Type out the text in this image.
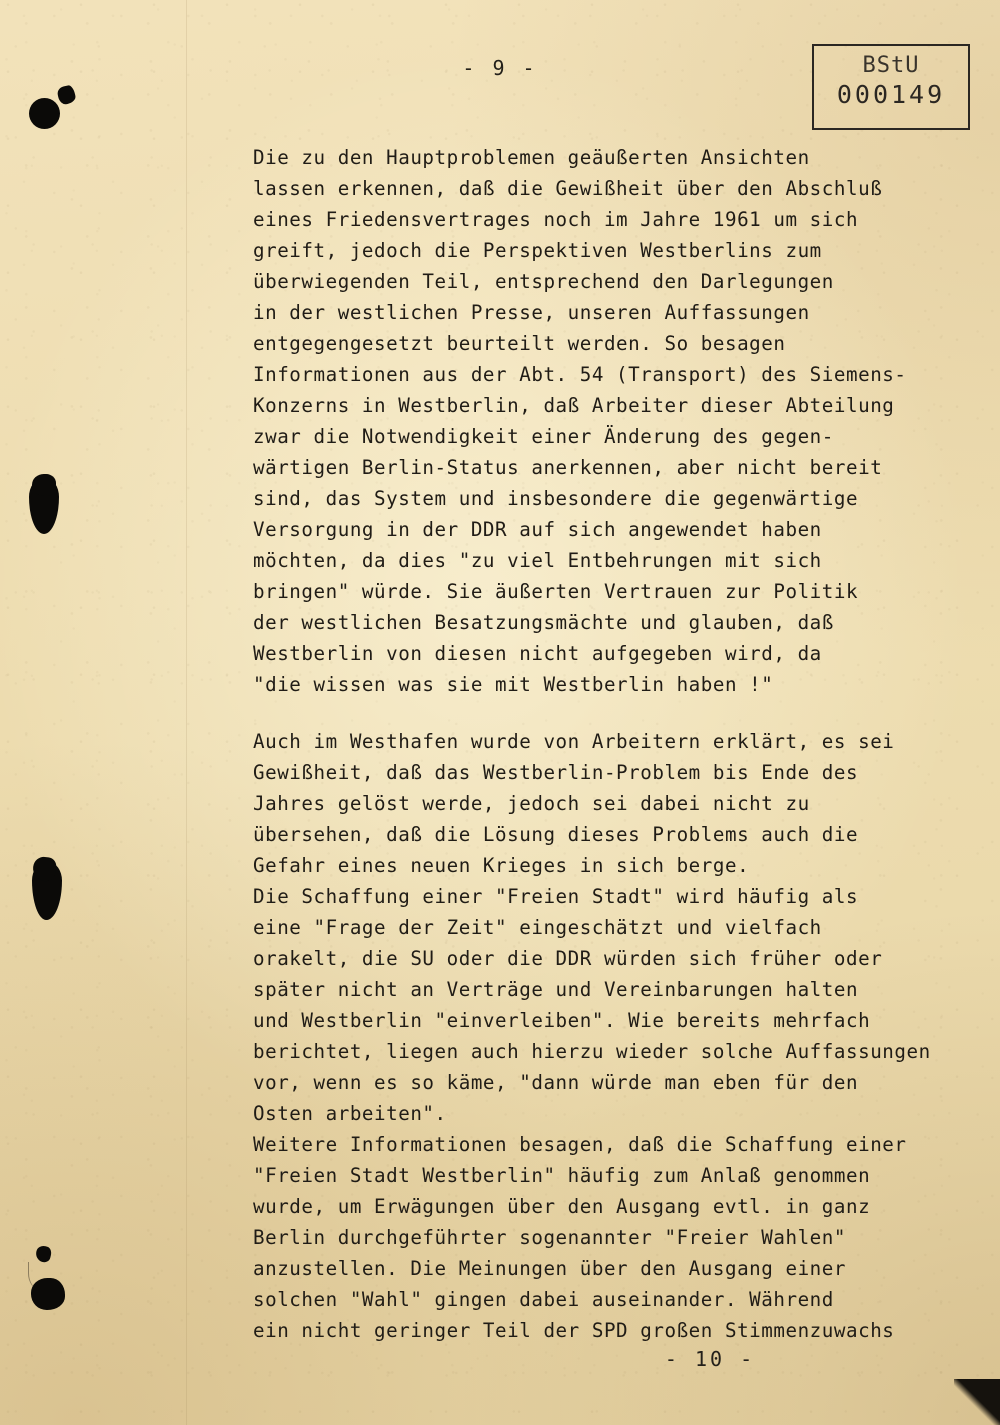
- 9 -	BStU
000149
Die zu den Hauptproblemen geäußerten Ansichten
lassen erkennen, daß die Gewißheit über den Abschluß
eines Friedensvertrages noch im Jahre 1961 um sich
greift, jedoch die Perspektiven Westberlins zum
überwiegenden Teil, entsprechend den Darlegungen
in der westlichen Presse, unseren Auffassungen
entgegengesetzt beurteilt werden. So besagen
Informationen aus der Abt. 54 (Transport) des Siemens-
Konzerns in Westberlin, daß Arbeiter dieser Abteilung
zwar die Notwendigkeit einer Änderung des gegen-
wärtigen Berlin-Status anerkennen, aber nicht bereit
sind, das System und insbesondere die gegenwärtige
Versorgung in der DDR auf sich angewendet haben
möchten, da dies "zu viel Entbehrungen mit sich
bringen" würde. Sie äußerten Vertrauen zur Politik
der westlichen Besatzungsmächte und glauben, daß
Westberlin von diesen nicht aufgegeben wird, da
"die wissen was sie mit Westberlin haben !"
Auch im Westhafen wurde von Arbeitern erklärt, es sei
Gewißheit, daß das Westberlin-Problem bis Ende des
Jahres gelöst werde, jedoch sei dabei nicht zu
übersehen, daß die Lösung dieses Problems auch die
Gefahr eines neuen Krieges in sich berge.
Die Schaffung einer "Freien Stadt" wird häufig als
eine "Frage der Zeit" eingeschätzt und vielfach
orakelt, die SU oder die DDR würden sich früher oder
später nicht an Verträge und Vereinbarungen halten
und Westberlin "einverleiben". Wie bereits mehrfach
berichtet, liegen auch hierzu wieder solche Auffassungen
vor, wenn es so käme, "dann würde man eben für den
Osten arbeiten".
Weitere Informationen besagen, daß die Schaffung einer
"Freien Stadt Westberlin" häufig zum Anlaß genommen
wurde, um Erwägungen über den Ausgang evtl. in ganz
Berlin durchgeführter sogenannter "Freier Wahlen"
anzustellen. Die Meinungen über den Ausgang einer
solchen "Wahl" gingen dabei auseinander. Während
ein nicht geringer Teil der SPD großen Stimmenzuwachs
- 10 -
